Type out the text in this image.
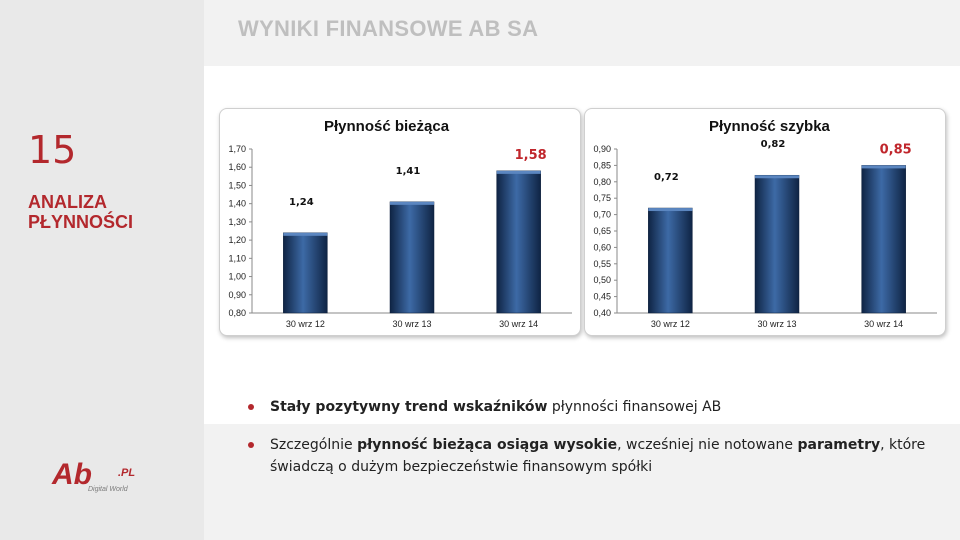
WYNIKI FINANSOWE AB SA
15
ANALIZA PŁYNNOŚCI
Płynność bieżąca
0,80
0,90
1,00
1,10
1,20
1,30
1,40
1,50
1,60
1,70
30 wrz 12
1,24
30 wrz 13
1,41
30 wrz 14
1,58
Płynność szybka
0,40
0,45
0,50
0,55
0,60
0,65
0,70
0,75
0,80
0,85
0,90
30 wrz 12
0,72
30 wrz 13
0,82
30 wrz 14
0,85
Stały pozytywny trend wskaźników płynności finansowej AB
Szczególnie płynność bieżąca osiąga wysokie, wcześniej nie notowane parametry, które świadczą o dużym bezpieczeństwie finansowym spółki
Ab .PL
Digital World
